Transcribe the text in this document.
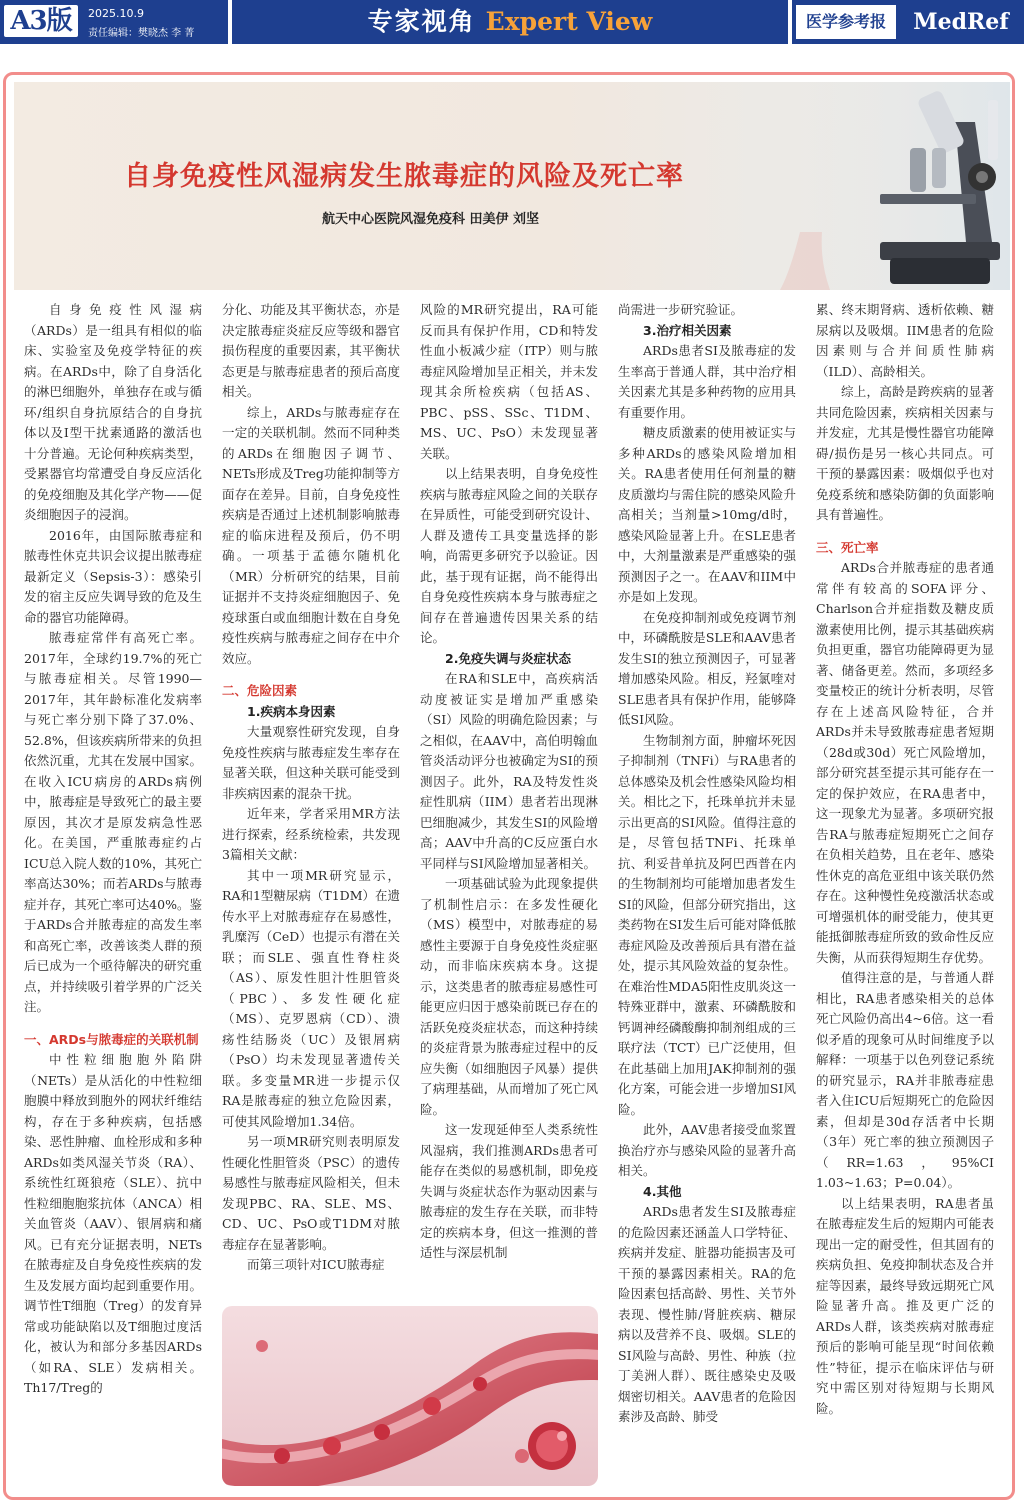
A3版	2025.10.9
责任编辑：樊晓杰 李 菁	专家视角 Expert View	医学参考报	MedRef
自身免疫性风湿病发生脓毒症的风险及死亡率
航天中心医院风湿免疫科 田美伊 刘坚

自身免疫性风湿病（ARDs）是一组具有相似的临床、实验室及免疫学特征的疾病。在ARDs中，除了自身活化的淋巴细胞外，单独存在或与循环/组织自身抗原结合的自身抗体以及Ⅰ型干扰素通路的激活也十分普遍。无论何种疾病类型，受累器官均常遭受自身反应活化的免疫细胞及其化学产物——促炎细胞因子的浸润。

2016年，由国际脓毒症和脓毒性休克共识会议提出脓毒症最新定义（Sepsis-3）：感染引发的宿主反应失调导致的危及生命的器官功能障碍。

脓毒症常伴有高死亡率。2017年，全球约19.7%的死亡与脓毒症相关。尽管1990—2017年，其年龄标准化发病率与死亡率分别下降了37.0%、52.8%，但该疾病所带来的负担依然沉重，尤其在发展中国家。在收入ICU病房的ARDs病例中，脓毒症是导致死亡的最主要原因，其次才是原发病急性恶化。在美国，严重脓毒症约占ICU总入院人数的10%，其死亡率高达30%；而若ARDs与脓毒症并存，其死亡率可达40%。鉴于ARDs合并脓毒症的高发生率和高死亡率，改善该类人群的预后已成为一个亟待解决的研究重点，并持续吸引着学界的广泛关注。

一、ARDs与脓毒症的关联机制

中性粒细胞胞外陷阱（NETs）是从活化的中性粒细胞膜中释放到胞外的网状纤维结构，存在于多种疾病，包括感染、恶性肿瘤、血栓形成和多种ARDs如类风湿关节炎（RA）、系统性红斑狼疮（SLE）、抗中性粒细胞胞浆抗体（ANCA）相关血管炎（AAV）、银屑病和痛风。已有充分证据表明，NETs在脓毒症及自身免疫性疾病的发生及发展方面均起到重要作用。调节性T细胞（Treg）的发育异常或功能缺陷以及T细胞过度活化，被认为和部分多基因ARDs（如RA、SLE）发病相关。Th17/Treg的

分化、功能及其平衡状态，亦是决定脓毒症炎症反应等级和器官损伤程度的重要因素，其平衡状态更是与脓毒症患者的预后高度相关。

综上，ARDs与脓毒症存在一定的关联机制。然而不同种类的ARDs在细胞因子调节、NETs形成及Treg功能抑制等方面存在差异。目前，自身免疫性疾病是否通过上述机制影响脓毒症的临床进程及预后，仍不明确。一项基于孟德尔随机化（MR）分析研究的结果，目前证据并不支持炎症细胞因子、免疫球蛋白或血细胞计数在自身免疫性疾病与脓毒症之间存在中介效应。

二、危险因素
1.疾病本身因素

大量观察性研究发现，自身免疫性疾病与脓毒症发生率存在显著关联，但这种关联可能受到非疾病因素的混杂干扰。

近年来，学者采用MR方法进行探索，经系统检索，共发现3篇相关文献：

其中一项MR研究显示，RA和1型糖尿病（T1DM）在遗传水平上对脓毒症存在易感性，乳糜泻（CeD）也提示有潜在关联；而SLE、强直性脊柱炎（AS）、原发性胆汁性胆管炎（PBC）、多发性硬化症（MS）、克罗恩病（CD）、溃疡性结肠炎（UC）及银屑病（PsO）均未发现显著遗传关联。多变量MR进一步提示仅RA是脓毒症的独立危险因素，可使其风险增加1.34倍。

另一项MR研究则表明原发性硬化性胆管炎（PSC）的遗传易感性与脓毒症风险相关，但未发现PBC、RA、SLE、MS、CD、UC、PsO或T1DM对脓毒症存在显著影响。

而第三项针对ICU脓毒症

风险的MR研究提出，RA可能反而具有保护作用，CD和特发性血小板减少症（ITP）则与脓毒症风险增加呈正相关，并未发现其余所检疾病（包括AS、PBC、pSS、SSc、T1DM、MS、UC、PsO）未发现显著关联。

以上结果表明，自身免疫性疾病与脓毒症风险之间的关联存在异质性，可能受到研究设计、人群及遗传工具变量选择的影响，尚需更多研究予以验证。因此，基于现有证据，尚不能得出自身免疫性疾病本身与脓毒症之间存在普遍遗传因果关系的结论。

2.免疫失调与炎症状态

在RA和SLE中，高疾病活动度被证实是增加严重感染（SI）风险的明确危险因素；与之相似，在AAV中，高伯明翰血管炎活动评分也被确定为SI的预测因子。此外，RA及特发性炎症性肌病（IIM）患者若出现淋巴细胞减少，其发生SI的风险增高；AAV中升高的C反应蛋白水平同样与SI风险增加显著相关。

一项基础试验为此现象提供了机制性启示：在多发性硬化（MS）模型中，对脓毒症的易感性主要源于自身免疫性炎症驱动，而非临床疾病本身。这提示，这类患者的脓毒症易感性可能更应归因于感染前既已存在的活跃免疫炎症状态，而这种持续的炎症背景为脓毒症过程中的反应失衡（如细胞因子风暴）提供了病理基础，从而增加了死亡风险。

这一发现延伸至人类系统性风湿病，我们推测ARDs患者可能存在类似的易感机制，即免疫失调与炎症状态作为驱动因素与脓毒症的发生存在关联，而非特定的疾病本身，但这一推测的普适性与深层机制

尚需进一步研究验证。

3.治疗相关因素

ARDs患者SI及脓毒症的发生率高于普通人群，其中治疗相关因素尤其是多种药物的应用具有重要作用。

糖皮质激素的使用被证实与多种ARDs的感染风险增加相关。RA患者使用任何剂量的糖皮质激均与需住院的感染风险升高相关；当剂量>10mg/d时，感染风险显著上升。在SLE患者中，大剂量激素是严重感染的强预测因子之一。在AAV和IIM中亦是如上发现。

在免疫抑制剂或免疫调节剂中，环磷酰胺是SLE和AAV患者发生SI的独立预测因子，可显著增加感染风险。相反，羟氯喹对SLE患者具有保护作用，能够降低SI风险。

生物制剂方面，肿瘤坏死因子抑制剂（TNFi）与RA患者的总体感染及机会性感染风险均相关。相比之下，托珠单抗并未显示出更高的SI风险。值得注意的是，尽管包括TNFi、托珠单抗、利妥昔单抗及阿巴西普在内的生物制剂均可能增加患者发生SI的风险，但部分研究指出，这类药物在SI发生后可能对降低脓毒症风险及改善预后具有潜在益处，提示其风险效益的复杂性。在难治性MDA5阳性皮肌炎这一特殊亚群中，激素、环磷酰胺和钙调神经磷酸酶抑制剂组成的三联疗法（TCT）已广泛使用，但在此基础上加用JAK抑制剂的强化方案，可能会进一步增加SI风险。

此外，AAV患者接受血浆置换治疗亦与感染风险的显著升高相关。

4.其他

ARDs患者发生SI及脓毒症的危险因素还涵盖人口学特征、疾病并发症、脏器功能损害及可干预的暴露因素相关。RA的危险因素包括高龄、男性、关节外表现、慢性肺/肾脏疾病、糖尿病以及营养不良、吸烟。SLE的SI风险与高龄、男性、种族（拉丁美洲人群）、既往感染史及吸烟密切相关。AAV患者的危险因素涉及高龄、肺受

累、终末期肾病、透析依赖、糖尿病以及吸烟。IIM患者的危险因素则与合并间质性肺病（ILD）、高龄相关。

综上，高龄是跨疾病的显著共同危险因素，疾病相关因素与并发症，尤其是慢性器官功能障碍/损伤是另一核心共同点。可干预的暴露因素：吸烟似乎也对免疫系统和感染防御的负面影响具有普遍性。

三、死亡率

ARDs合并脓毒症的患者通常伴有较高的SOFA评分、Charlson合并症指数及糖皮质激素使用比例，提示其基础疾病负担更重，器官功能障碍更为显著、储备更差。然而，多项经多变量校正的统计分析表明，尽管存在上述高风险特征，合并ARDs并未导致脓毒症患者短期（28d或30d）死亡风险增加，部分研究甚至提示其可能存在一定的保护效应，在RA患者中，这一现象尤为显著。多项研究报告RA与脓毒症短期死亡之间存在负相关趋势，且在老年、感染性休克的高危亚组中该关联仍然存在。这种慢性免疫激活状态或可增强机体的耐受能力，使其更能抵御脓毒症所致的致命性反应失衡，从而获得短期生存优势。

值得注意的是，与普通人群相比，RA患者感染相关的总体死亡风险仍高出4~6倍。这一看似矛盾的现象可从时间维度予以解释：一项基于以色列登记系统的研究显示，RA并非脓毒症患者入住ICU后短期死亡的危险因素，但却是30d存活者中长期（3年）死亡率的独立预测因子（RR=1.63，95%CI 1.03~1.63；P=0.04）。

以上结果表明，RA患者虽在脓毒症发生后的短期内可能表现出一定的耐受性，但其固有的疾病负担、免疫抑制状态及合并症等因素，最终导致远期死亡风险显著升高。推及更广泛的ARDs人群，该类疾病对脓毒症预后的影响可能呈现“时间依赖性”特征，提示在临床评估与研究中需区别对待短期与长期风险。
